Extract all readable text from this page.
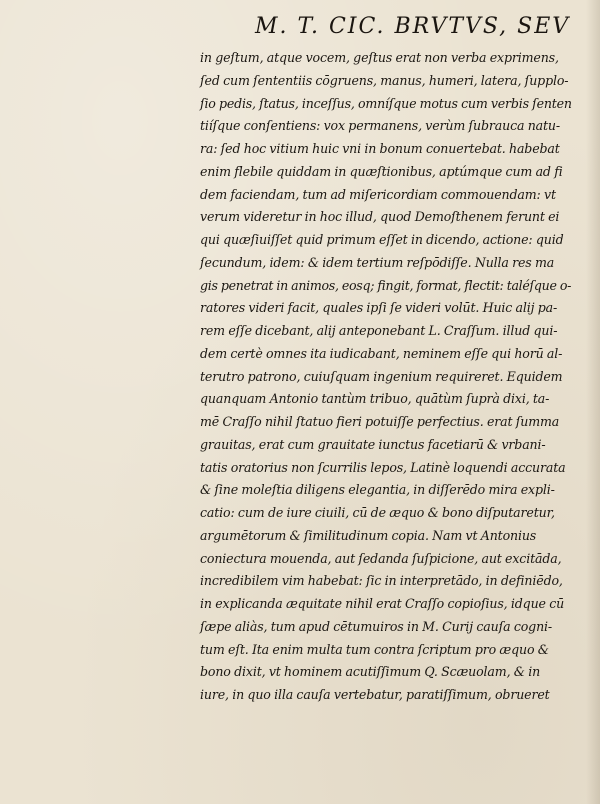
M. T. CIC. BRVTVS, SEV
in geſtum, atque vocem, geſtus erat non verba exprimens,
ſed cum ſententiis cōgruens, manus, humeri, latera, ſupplo-
ſio pedis, ſtatus, inceſſus, omníſque motus cum verbis ſenten
tiíſque conſentiens: vox permanens, verùm ſubrauca natu-
ra: ſed hoc vitium huic vni in bonum conuertebat. habebat
enim flebile quiddam in quæſtionibus, aptúmque cum ad fi
dem faciendam, tum ad miſericordiam commouendam: vt
verum videretur in hoc illud, quod Demoſthenem ferunt ei
qui quæſiuiſſet quid primum eſſet in dicendo, actione: quid
ſecundum, idem: & idem tertium reſpōdiſſe. Nulla res ma
gis penetrat in animos, eosq; fingit, format, flectit: taléſque o-
ratores videri facit, quales ipſi ſe videri volūt. Huic alij pa-
rem eſſe dicebant, alij anteponebant L. Craſſum. illud qui-
dem certè omnes ita iudicabant, neminem eſſe qui horū al-
terutro patrono, cuiuſquam ingenium requireret. Equidem
quanquam Antonio tantùm tribuo, quātùm ſuprà dixi, ta-
mē Craſſo nihil ſtatuo fieri potuiſſe perfectius. erat ſumma
grauitas, erat cum grauitate iunctus facetiarū & vrbani-
tatis oratorius non ſcurrilis lepos, Latinè loquendi accurata
& ſine moleſtia diligens elegantia, in diſſerēdo mira expli-
catio: cum de iure ciuili, cū de æquo & bono diſputaretur,
argumētorum & ſimilitudinum copia. Nam vt Antonius
coniectura mouenda, aut ſedanda ſuſpicione, aut excitāda,
incredibilem vim habebat: ſic in interpretādo, in definiēdo,
in explicanda æquitate nihil erat Craſſo copioſius, idque cū
ſæpe aliàs, tum apud cētumuiros in M. Curij cauſa cogni-
tum eſt. Ita enim multa tum contra ſcriptum pro æquo &
bono dixit, vt hominem acutiſſimum Q. Scæuolam, & in
iure, in quo illa cauſa vertebatur, paratiſſimum, obrueret
